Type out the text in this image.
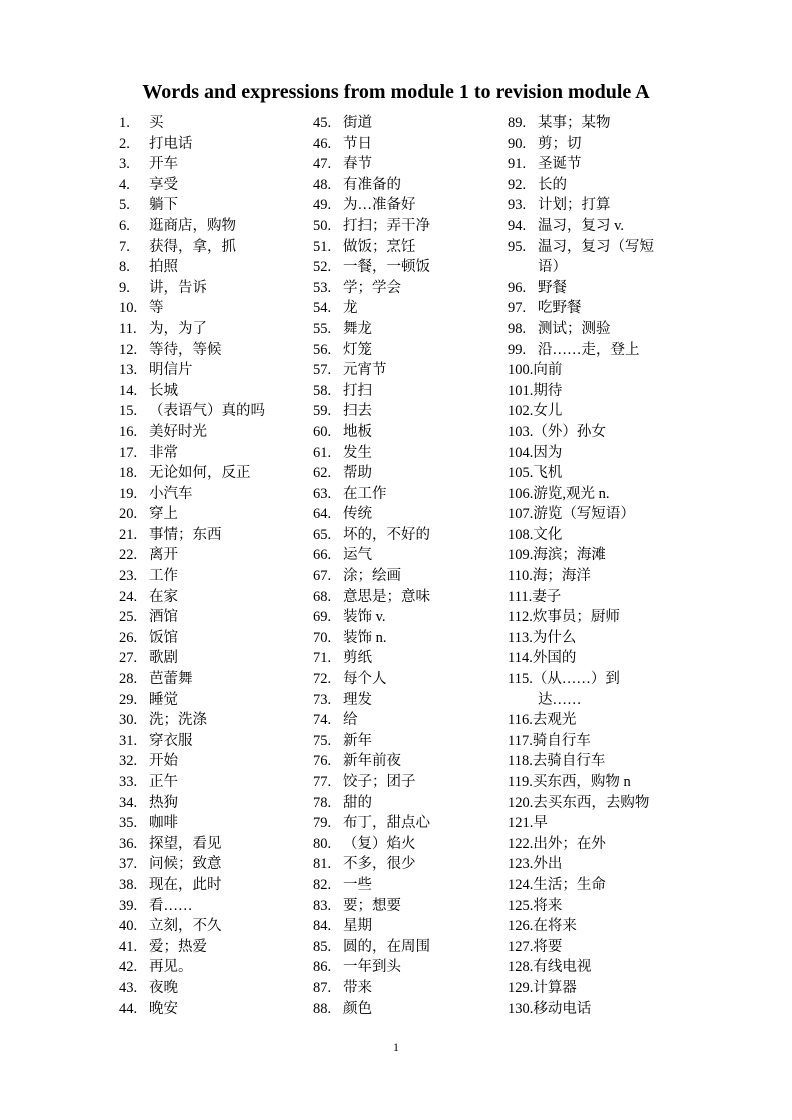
Words and expressions from module 1 to revision module A
1. 买
2. 打电话
3. 开车
4. 享受
5. 躺下
6. 逛商店，购物
7. 获得，拿，抓
8. 拍照
9. 讲，告诉
10. 等
11. 为，为了
12. 等待，等候
13. 明信片
14. 长城
15. （表语气）真的吗
16. 美好时光
17. 非常
18. 无论如何，反正
19. 小汽车
20. 穿上
21. 事情；东西
22. 离开
23. 工作
24. 在家
25. 酒馆
26. 饭馆
27. 歌剧
28. 芭蕾舞
29. 睡觉
30. 洗；洗涤
31. 穿衣服
32. 开始
33. 正午
34. 热狗
35. 咖啡
36. 探望，看见
37. 问候；致意
38. 现在，此时
39. 看……
40. 立刻，不久
41. 爱；热爱
42. 再见。
43. 夜晚
44. 晚安
45. 街道
46. 节日
47. 春节
48. 有准备的
49. 为…准备好
50. 打扫；弄干净
51. 做饭；烹饪
52. 一餐，一顿饭
53. 学；学会
54. 龙
55. 舞龙
56. 灯笼
57. 元宵节
58. 打扫
59. 扫去
60. 地板
61. 发生
62. 帮助
63. 在工作
64. 传统
65. 坏的，不好的
66. 运气
67. 涂；绘画
68. 意思是；意味
69. 装饰 v.
70. 装饰 n.
71. 剪纸
72. 每个人
73. 理发
74. 给
75. 新年
76. 新年前夜
77. 饺子；团子
78. 甜的
79. 布丁，甜点心
80. （复）焰火
81. 不多，很少
82. 一些
83. 要；想要
84. 星期
85. 圆的，在周围
86. 一年到头
87. 带来
88. 颜色
89. 某事；某物
90. 剪；切
91. 圣诞节
92. 长的
93. 计划；打算
94. 温习，复习 v.
95. 温习，复习（写短
语）
96. 野餐
97. 吃野餐
98. 测试；测验
99. 沿……走，登上
100.向前
101.期待
102.女儿
103.（外）孙女
104.因为
105.飞机
106.游览,观光 n.
107.游览（写短语）
108.文化
109.海滨；海滩
110.海；海洋
111.妻子
112.炊事员；厨师
113.为什么
114.外国的
115.（从……）到
达……
116.去观光
117.骑自行车
118.去骑自行车
119.买东西，购物 n
120.去买东西，去购物
121.早
122.出外；在外
123.外出
124.生活；生命
125.将来
126.在将来
127.将要
128.有线电视
129.计算器
130.移动电话
1
